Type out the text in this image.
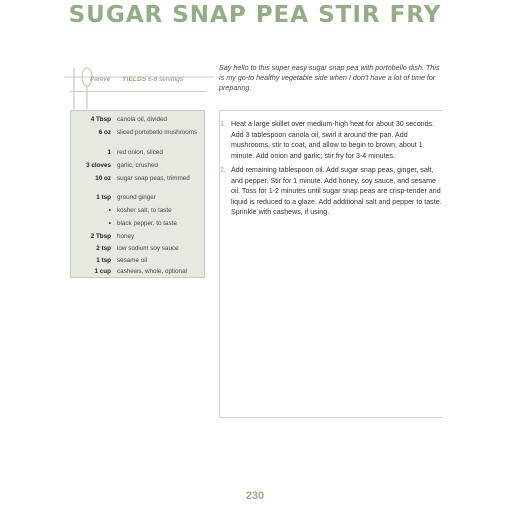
SUGAR SNAP PEA STIR FRY
Pareve YIELDS 6-8 servings
Say hello to this super easy sugar snap pea with portobello dish. This is my go-to healthy vegetable side when I don't have a lot of time for preparing.
4 Tbsp canola oil, divided
6 oz sliced portobello mushrooms
1 red onion, sliced
3 cloves garlic, crushed
10 oz sugar snap peas, trimmed
1 tsp ground ginger
• kosher salt, to taste
• black pepper, to taste
2 Tbsp honey
2 tsp low sodium soy sauce
1 tsp sesame oil
1 cup cashews, whole, optional
1. Heat a large skillet over medium-high heat for about 30 seconds. Add 3 tablespoon canola oil, swirl it around the pan. Add mushrooms, stir to coat, and allow to begin to brown, about 1 minute. Add onion and garlic; stir fry for 3-4 minutes.
2. Add remaining tablespoon oil. Add sugar snap peas, ginger, salt, and pepper. Stir for 1 minute. Add honey, soy sauce, and sesame oil. Toss for 1-2 minutes until sugar snap peas are crisp-tender and liquid is reduced to a glaze. Add additional salt and pepper to taste. Sprinkle with cashews, if using.
230
